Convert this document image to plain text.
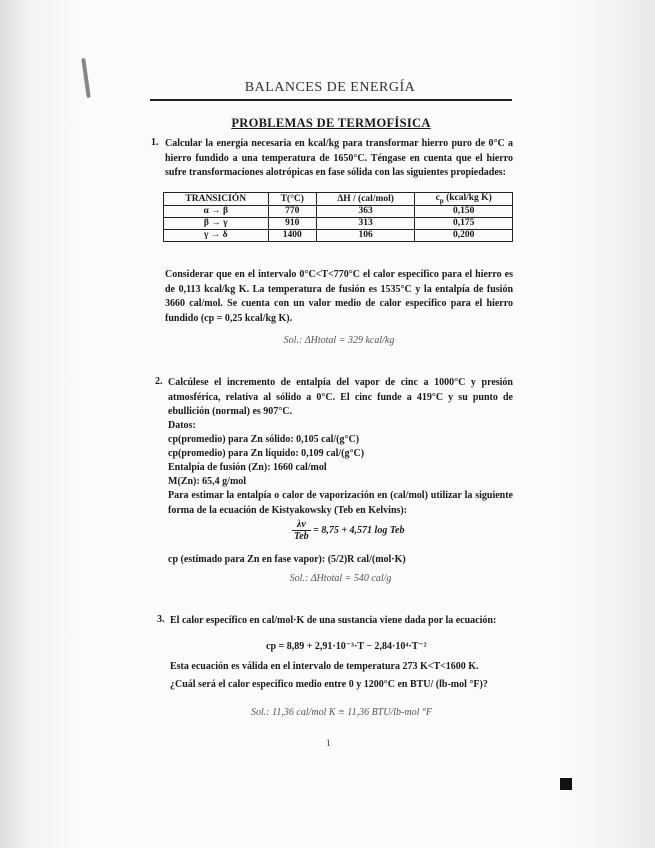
BALANCES DE ENERGÍA
PROBLEMAS DE TERMOFÍSICA
1. Calcular la energía necesaria en kcal/kg para transformar hierro puro de 0°C a hierro fundido a una temperatura de 1650°C. Téngase en cuenta que el hierro sufre transformaciones alotrópicas en fase sólida con las siguientes propiedades:
TRANSICIÓN	T(°C)	ΔH / (cal/mol)	$c_p$ (kcal/kg K)
α → β	770	363	0,150
β → γ	910	313	0,175
γ → δ	1400	106	0,200
Considerar que en el intervalo 0°C<T<770°C el calor específico para el hierro es de 0,113 kcal/kg K. La temperatura de fusión es 1535°C y la entalpía de fusión 3660 cal/mol. Se cuenta con un valor medio de calor específico para el hierro fundido (cp = 0,25 kcal/kg K).
Sol.: ΔHtotal = 329 kcal/kg
2. Calcúlese el incremento de entalpía del vapor de cinc a 1000°C y presión atmosférica, relativa al sólido a 0°C. El cinc funde a 419°C y su punto de ebullición (normal) es 907°C.
Datos:
cp(promedio) para Zn sólido: 0,105 cal/(g°C)
cp(promedio) para Zn líquido: 0,109 cal/(g°C)
Entalpía de fusión (Zn): 1660 cal/mol
M(Zn): 65,4 g/mol
Para estimar la entalpía o calor de vaporización en (cal/mol) utilizar la siguiente forma de la ecuación de Kistyakowsky (Teb en Kelvins):
$\frac{\lambda v}{\text{Teb}} = 8,75 + 4,571$ log Teb
cp (estimado para Zn en fase vapor): (5/2)R cal/(mol·K)
Sol.: ΔHtotal = 540 cal/g
3. El calor específico en cal/mol·K de una sustancia viene dada por la ecuación:
cp = 8,89 + 2,91·10⁻³·T − 2,84·10⁴·T⁻²
Esta ecuación es válida en el intervalo de temperatura 273 K<T<1600 K.
¿Cuál será el calor específico medio entre 0 y 1200°C en BTU/ (lb-mol °F)?
Sol.: 11,36 cal/mol K ≡ 11,36 BTU/lb-mol °F
1
